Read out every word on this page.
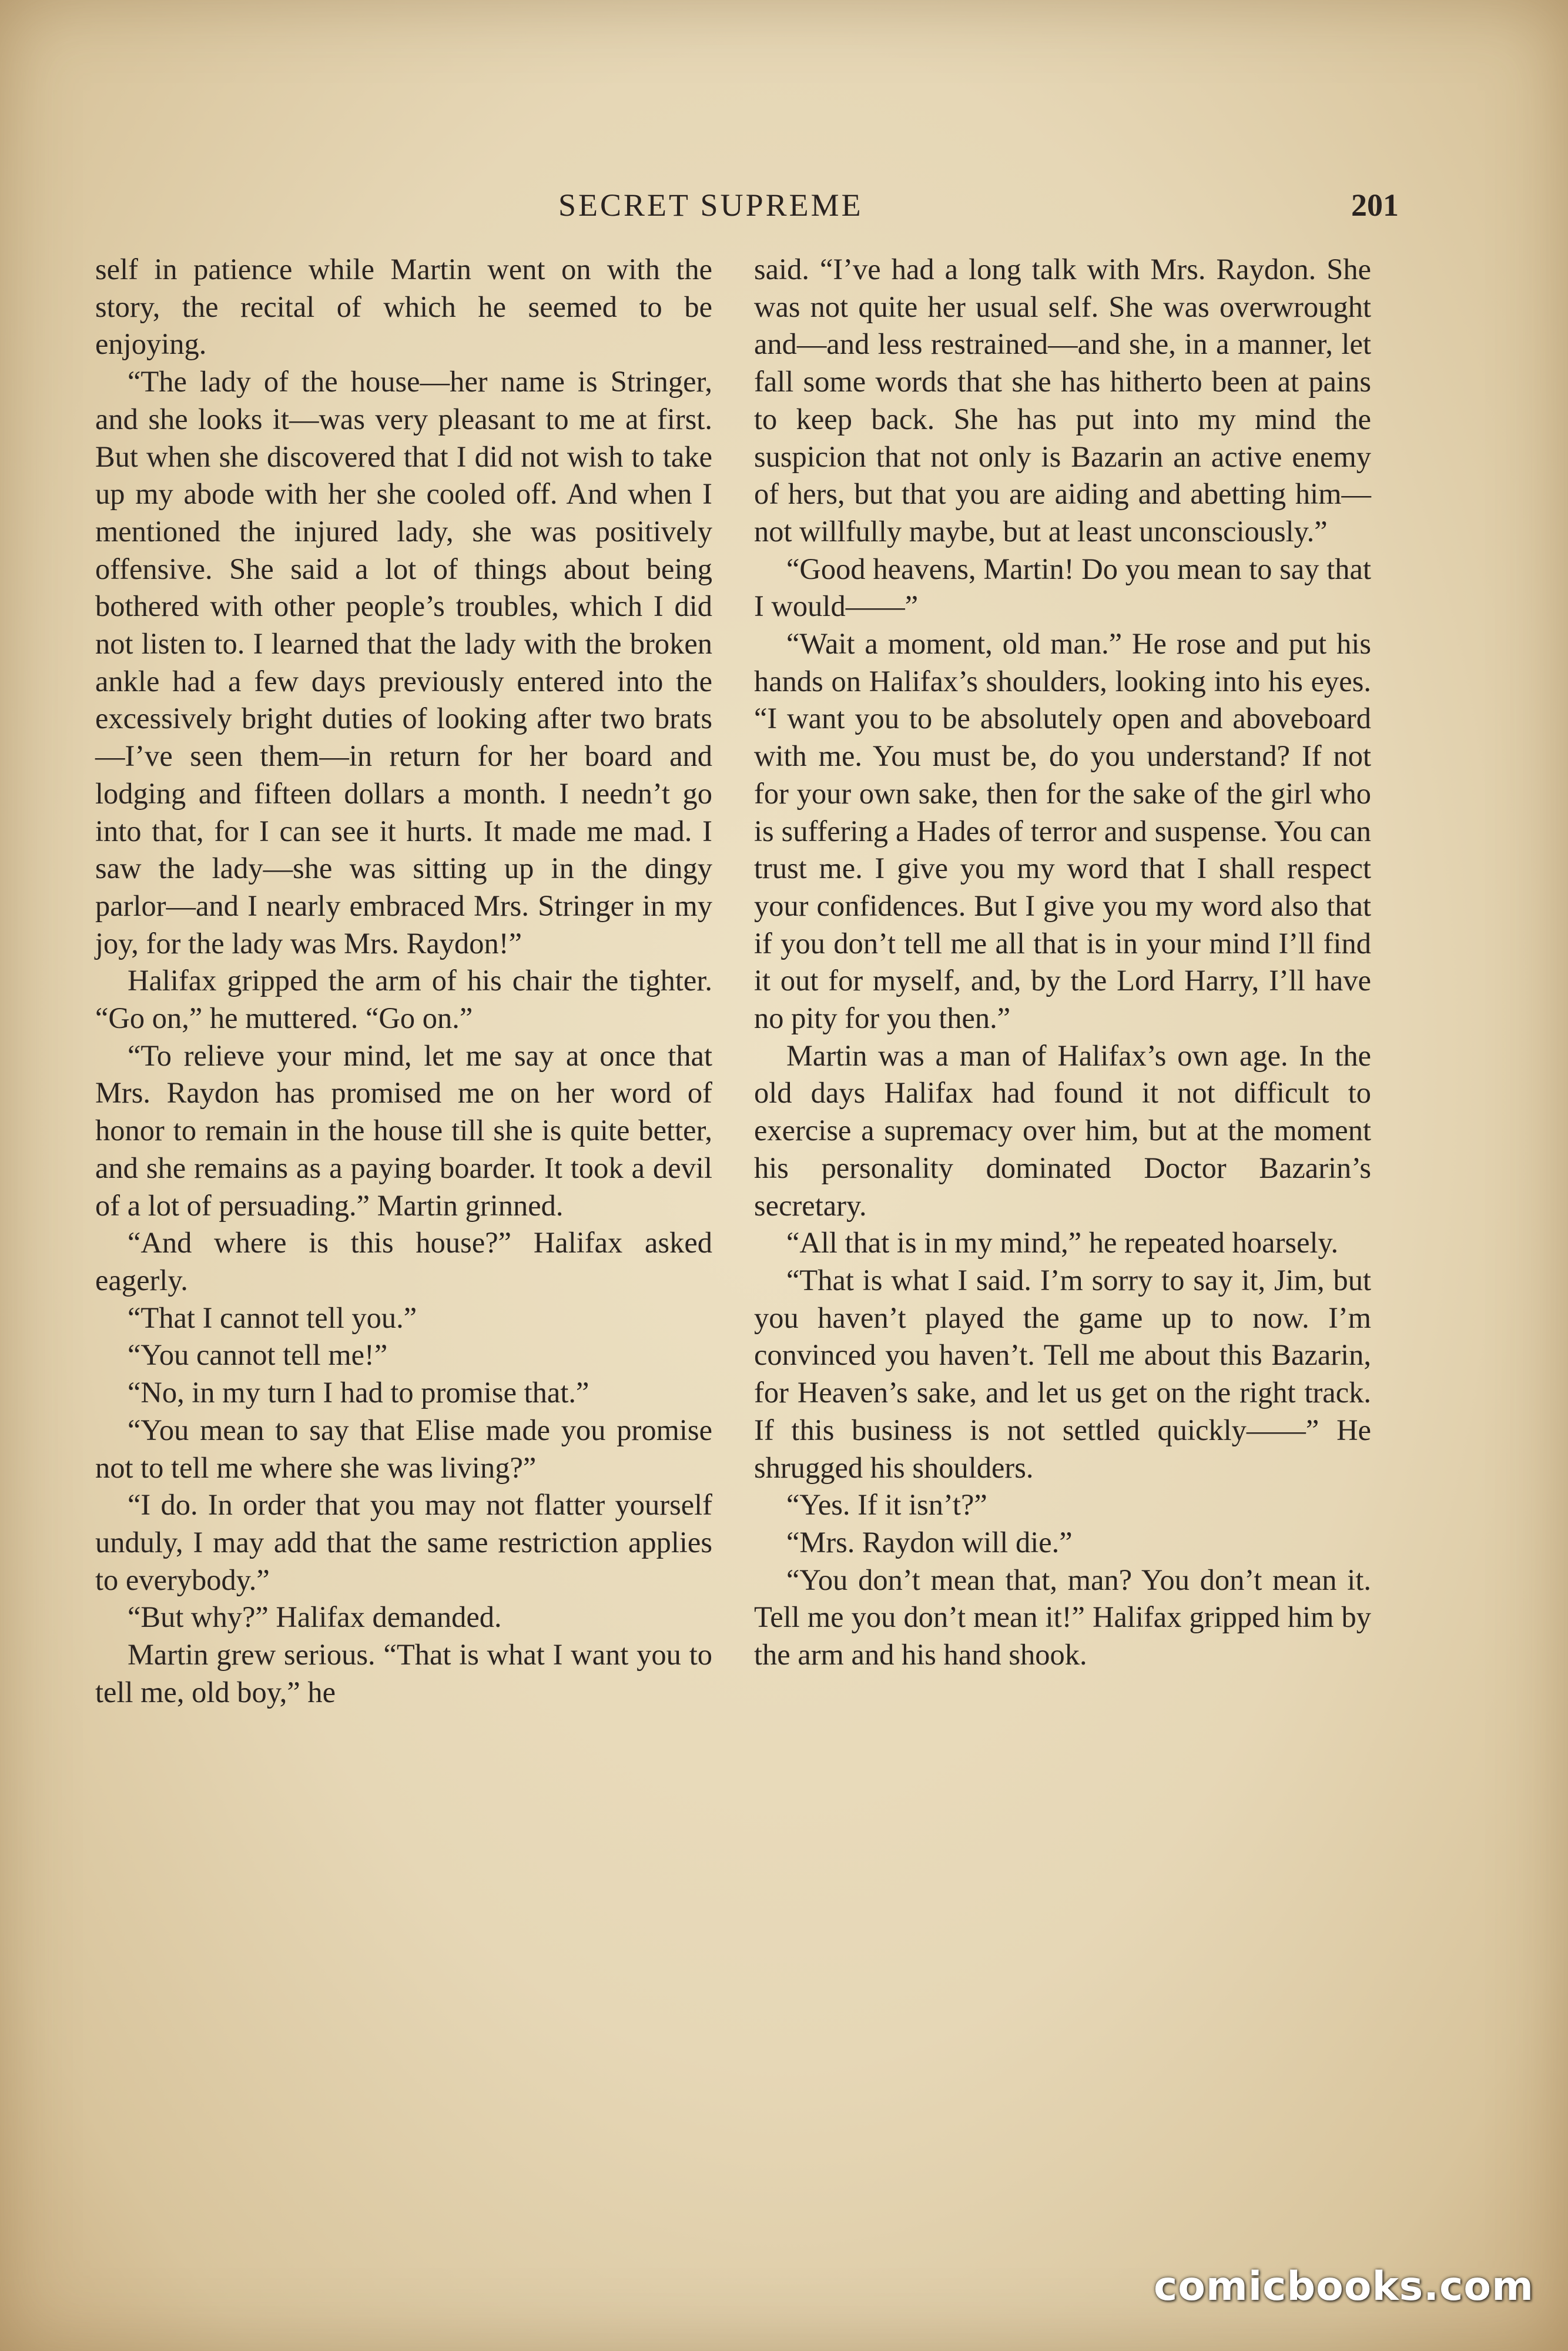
SECRET SUPREME	201

self in patience while Martin went on with the story, the recital of which he seemed to be enjoying.

“The lady of the house—her name is Stringer, and she looks it—was very pleasant to me at first. But when she discovered that I did not wish to take up my abode with her she cooled off. And when I mentioned the injured lady, she was positively offensive. She said a lot of things about being bothered with other people’s troubles, which I did not listen to. I learned that the lady with the broken ankle had a few days previously entered into the excessively bright duties of looking after two brats—I’ve seen them—in return for her board and lodging and fifteen dollars a month. I needn’t go into that, for I can see it hurts. It made me mad. I saw the lady—she was sitting up in the dingy parlor—and I nearly embraced Mrs. Stringer in my joy, for the lady was Mrs. Raydon!”

Halifax gripped the arm of his chair the tighter. “Go on,” he muttered. “Go on.”

“To relieve your mind, let me say at once that Mrs. Raydon has promised me on her word of honor to remain in the house till she is quite better, and she remains as a paying boarder. It took a devil of a lot of persuading.” Martin grinned.

“And where is this house?” Halifax asked eagerly.

“That I cannot tell you.”

“You cannot tell me!”

“No, in my turn I had to promise that.”

“You mean to say that Elise made you promise not to tell me where she was living?”

“I do. In order that you may not flatter yourself unduly, I may add that the same restriction applies to everybody.”

“But why?” Halifax demanded.

Martin grew serious. “That is what I want you to tell me, old boy,” he

said. “I’ve had a long talk with Mrs. Raydon. She was not quite her usual self. She was overwrought and—and less restrained—and she, in a manner, let fall some words that she has hitherto been at pains to keep back. She has put into my mind the suspicion that not only is Bazarin an active enemy of hers, but that you are aiding and abetting him—not willfully maybe, but at least unconsciously.”

“Good heavens, Martin! Do you mean to say that I would——”

“Wait a moment, old man.” He rose and put his hands on Halifax’s shoulders, looking into his eyes. “I want you to be absolutely open and aboveboard with me. You must be, do you understand? If not for your own sake, then for the sake of the girl who is suffering a Hades of terror and suspense. You can trust me. I give you my word that I shall respect your confidences. But I give you my word also that if you don’t tell me all that is in your mind I’ll find it out for myself, and, by the Lord Harry, I’ll have no pity for you then.”

Martin was a man of Halifax’s own age. In the old days Halifax had found it not difficult to exercise a supremacy over him, but at the moment his personality dominated Doctor Bazarin’s secretary.

“All that is in my mind,” he repeated hoarsely.

“That is what I said. I’m sorry to say it, Jim, but you haven’t played the game up to now. I’m convinced you haven’t. Tell me about this Bazarin, for Heaven’s sake, and let us get on the right track. If this business is not settled quickly——” He shrugged his shoulders.

“Yes. If it isn’t?”

“Mrs. Raydon will die.”

“You don’t mean that, man? You don’t mean it. Tell me you don’t mean it!” Halifax gripped him by the arm and his hand shook.

comicbooks.com
